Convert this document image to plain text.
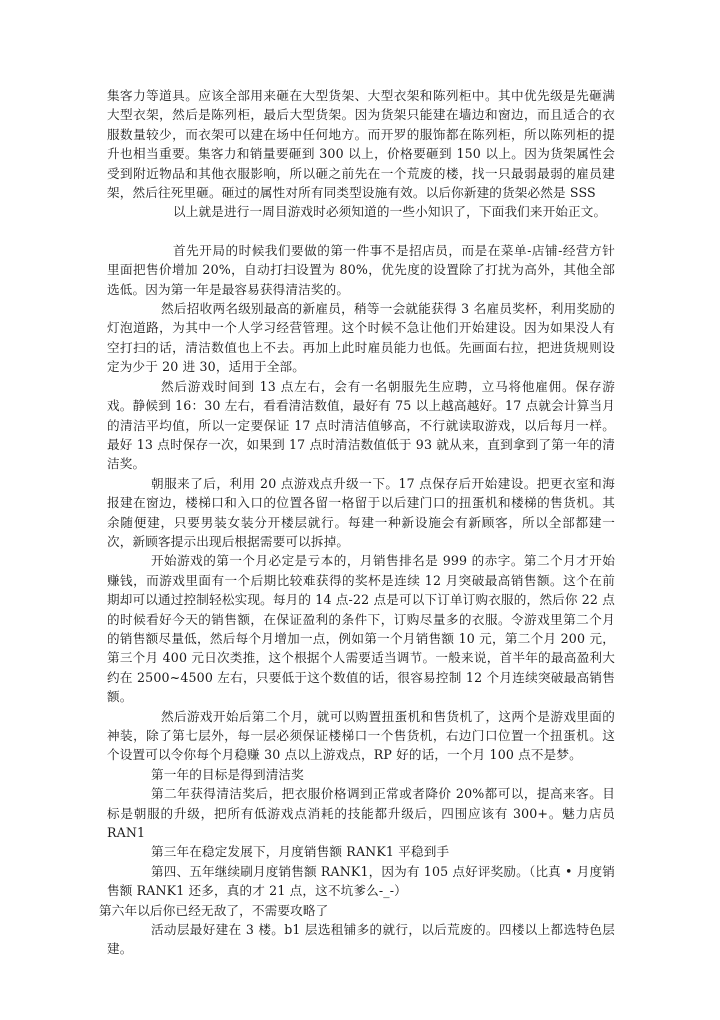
集客力等道具。应该全部用来砸在大型货架、大型衣架和陈列柜中。其中优先级是先砸满大型衣架，然后是陈列柜，最后大型货架。因为货架只能建在墙边和窗边，而且适合的衣服数量较少，而衣架可以建在场中任何地方。而开罗的服饰都在陈列柜，所以陈列柜的提升也相当重要。集客力和销量要砸到 300 以上，价格要砸到 150 以上。因为货架属性会受到附近物品和其他衣服影响，所以砸之前先在一个荒废的楼，找一只最弱最弱的雇员建架，然后往死里砸。砸过的属性对所有同类型设施有效。以后你新建的货架必然是 SSS

以上就是进行一周目游戏时必须知道的一些小知识了，下面我们来开始正文。

首先开局的时候我们要做的第一件事不是招店员，而是在菜单-店铺-经营方针里面把售价增加 20%，自动打扫设置为 80%，优先度的设置除了打扰为高外，其他全部选低。因为第一年是最容易获得清洁奖的。

然后招收两名级别最高的新雇员，稍等一会就能获得 3 名雇员奖杯，利用奖励的灯泡道路，为其中一个人学习经营管理。这个时候不急让他们开始建设。因为如果没人有空打扫的话，清洁数值也上不去。再加上此时雇员能力也低。先画面右拉，把进货规则设定为少于 20 进 30，适用于全部。

然后游戏时间到 13 点左右，会有一名朝服先生应聘，立马将他雇佣。保存游戏。静候到 16：30 左右，看看清洁数值，最好有 75 以上越高越好。17 点就会计算当月的清洁平均值，所以一定要保证 17 点时清洁值够高，不行就读取游戏，以后每月一样。最好 13 点时保存一次，如果到 17 点时清洁数值低于 93 就从来，直到拿到了第一年的清洁奖。

朝服来了后，利用 20 点游戏点升级一下。17 点保存后开始建设。把更衣室和海报建在窗边，楼梯口和入口的位置各留一格留于以后建门口的扭蛋机和楼梯的售货机。其余随便建，只要男装女装分开楼层就行。每建一种新设施会有新顾客，所以全部都建一次，新顾客提示出现后根据需要可以拆掉。

开始游戏的第一个月必定是亏本的，月销售排名是 999 的赤字。第二个月才开始赚钱，而游戏里面有一个后期比较难获得的奖杯是连续 12 月突破最高销售额。这个在前期却可以通过控制轻松实现。每月的 14 点-22 点是可以下订单订购衣服的，然后你 22 点的时候看好今天的销售额，在保证盈利的条件下，订购尽量多的衣服。令游戏里第二个月的销售额尽量低，然后每个月增加一点，例如第一个月销售额 10 元，第二个月 200 元，第三个月 400 元日次类推，这个根据个人需要适当调节。一般来说，首半年的最高盈利大约在 2500~4500 左右，只要低于这个数值的话，很容易控制 12 个月连续突破最高销售额。

然后游戏开始后第二个月，就可以购置扭蛋机和售货机了，这两个是游戏里面的神装，除了第七层外，每一层必须保证楼梯口一个售货机，右边门口位置一个扭蛋机。这个设置可以令你每个月稳赚 30 点以上游戏点，RP 好的话，一个月 100 点不是梦。

第一年的目标是得到清洁奖

第二年获得清洁奖后，把衣服价格调到正常或者降价 20%都可以，提高来客。目标是朝服的升级，把所有低游戏点消耗的技能都升级后，四围应该有 300+。魅力店员 RAN1

第三年在稳定发展下，月度销售额 RANK1 平稳到手

第四、五年继续刷月度销售额 RANK1，因为有 105 点好评奖励。（比真 • 月度销售额 RANK1 还多，真的才 21 点，这不坑爹么-_-）

第六年以后你已经无敌了，不需要攻略了

活动层最好建在 3 楼。b1 层选租铺多的就行，以后荒废的。四楼以上都选特色层建。
